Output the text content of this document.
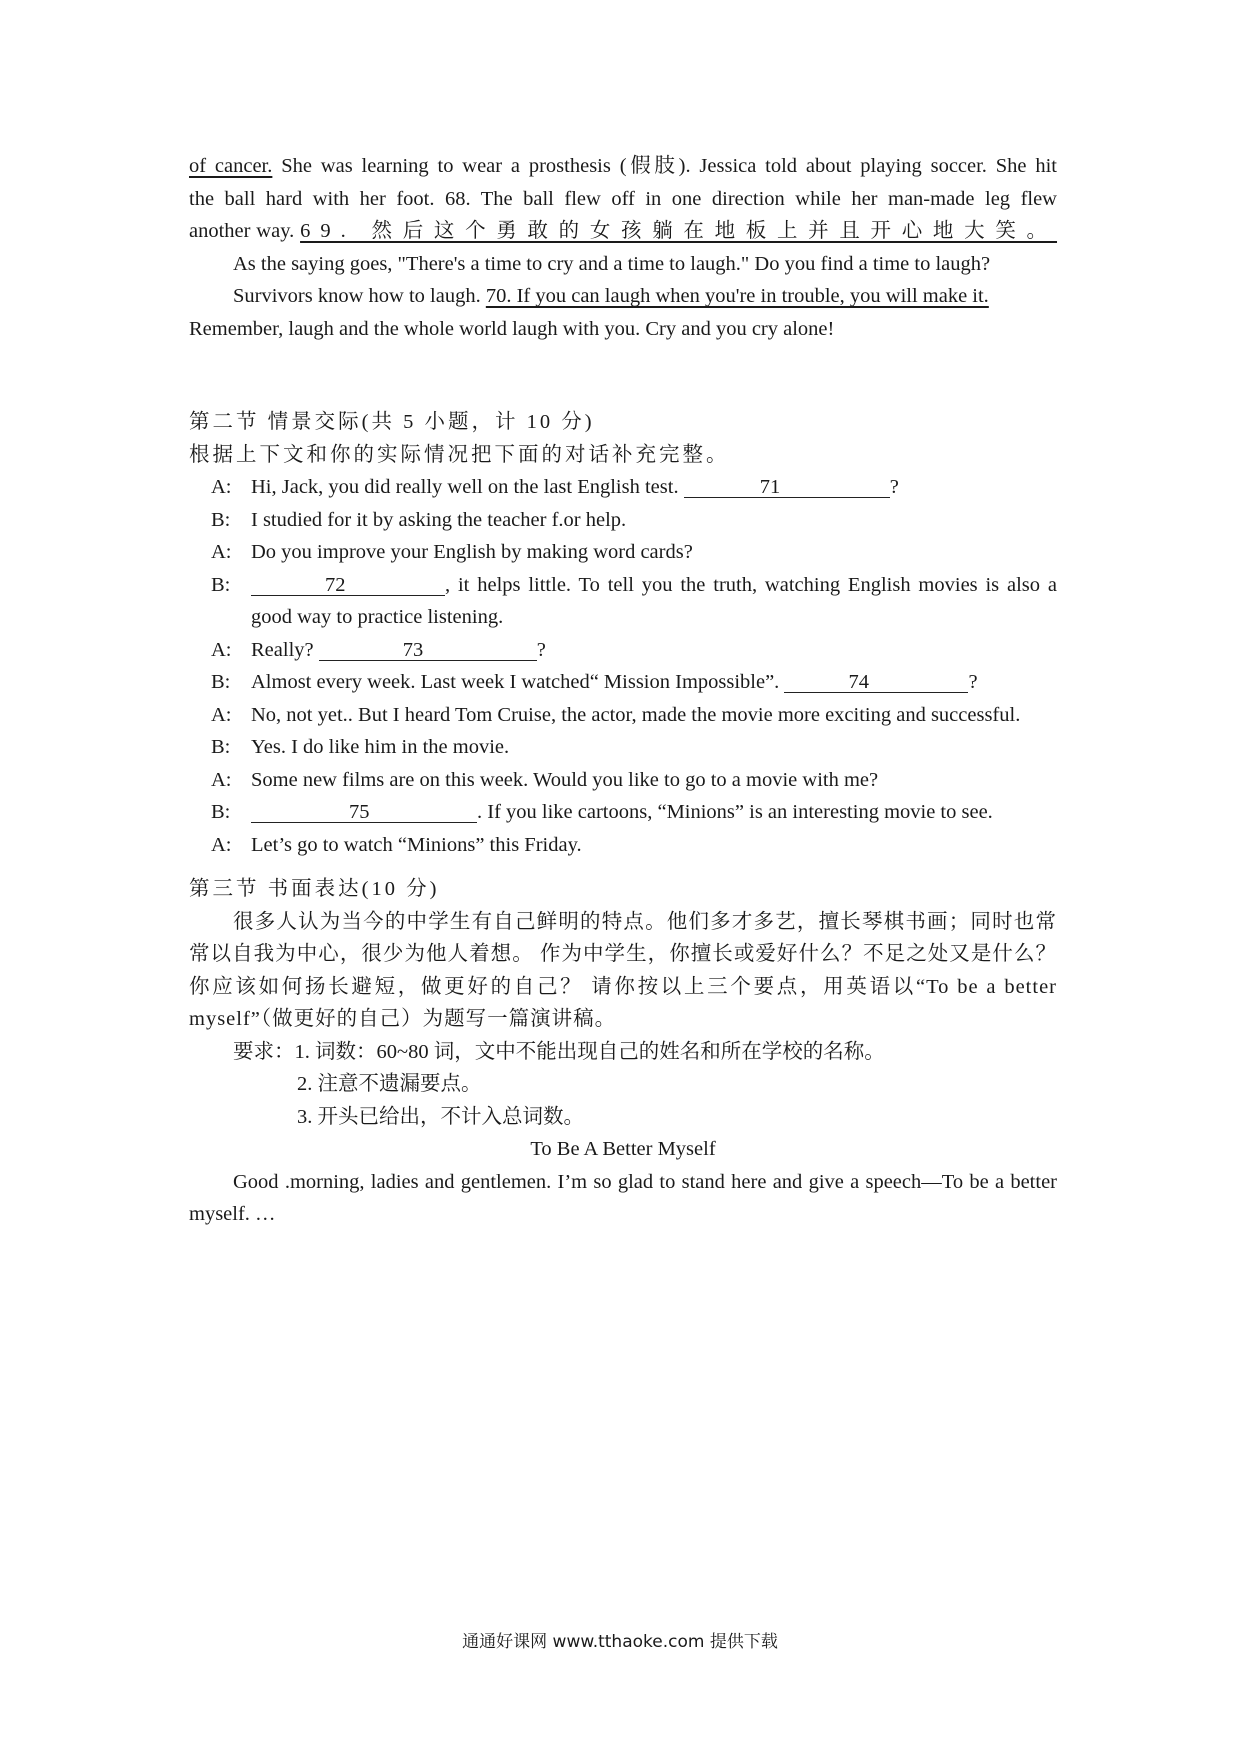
of cancer. She was learning to wear a prosthesis (假肢). Jessica told about playing soccer. She hit

the ball hard with her foot. 68. The ball flew off in one direction while her man-made leg flew

another way. 69. 然后这个勇敢的女孩躺在地板上并且开心地大笑。

As the saying goes, "There's a time to cry and a time to laugh." Do you find a time to laugh?

Survivors know how to laugh. 70. If you can laugh when you're in trouble, you will make it.

Remember, laugh and the whole world laugh with you. Cry and you cry alone!

第二节 情景交际(共 5 小题，计 10 分)

根据上下文和你的实际情况把下面的对话补充完整。

A: Hi, Jack, you did really well on the last English test.	71	?
B:	I studied for it by asking the teacher f.or help.
A: Do you improve your English by making word cards?
B:	72	, it helps little. To tell you the truth, watching English movies is also a good way to practice listening.
A: Really?	73	?
B:	Almost every week. Last week I watched“ Mission Impossible”.	74	?
A: No, not yet.. But I heard Tom Cruise, the actor, made the movie more exciting and successful.
B:	Yes. I do like him in the movie.
A: Some new films are on this week. Would you like to go to a movie with me?
B:	75	. If you like cartoons, “Minions” is an interesting movie to see.
A: Let’s go to watch “Minions” this Friday.

第三节 书面表达(10 分)

很多人认为当今的中学生有自己鲜明的特点。他们多才多艺，擅长琴棋书画；同时也常常以自我为中心，很少为他人着想。 作为中学生，你擅长或爱好什么？不足之处又是什么？你应该如何扬长避短，做更好的自己？ 请你按以上三个要点，用英语以“To be a better myself”（做更好的自己）为题写一篇演讲稿。

要求：1. 词数：60~80 词，文中不能出现自己的姓名和所在学校的名称。

2. 注意不遗漏要点。

3. 开头已给出，不计入总词数。

To Be A Better Myself

Good .morning, ladies and gentlemen. I’m so glad to stand here and give a speech—To be a better myself. …

通通好课网 www.tthaoke.com 提供下载
